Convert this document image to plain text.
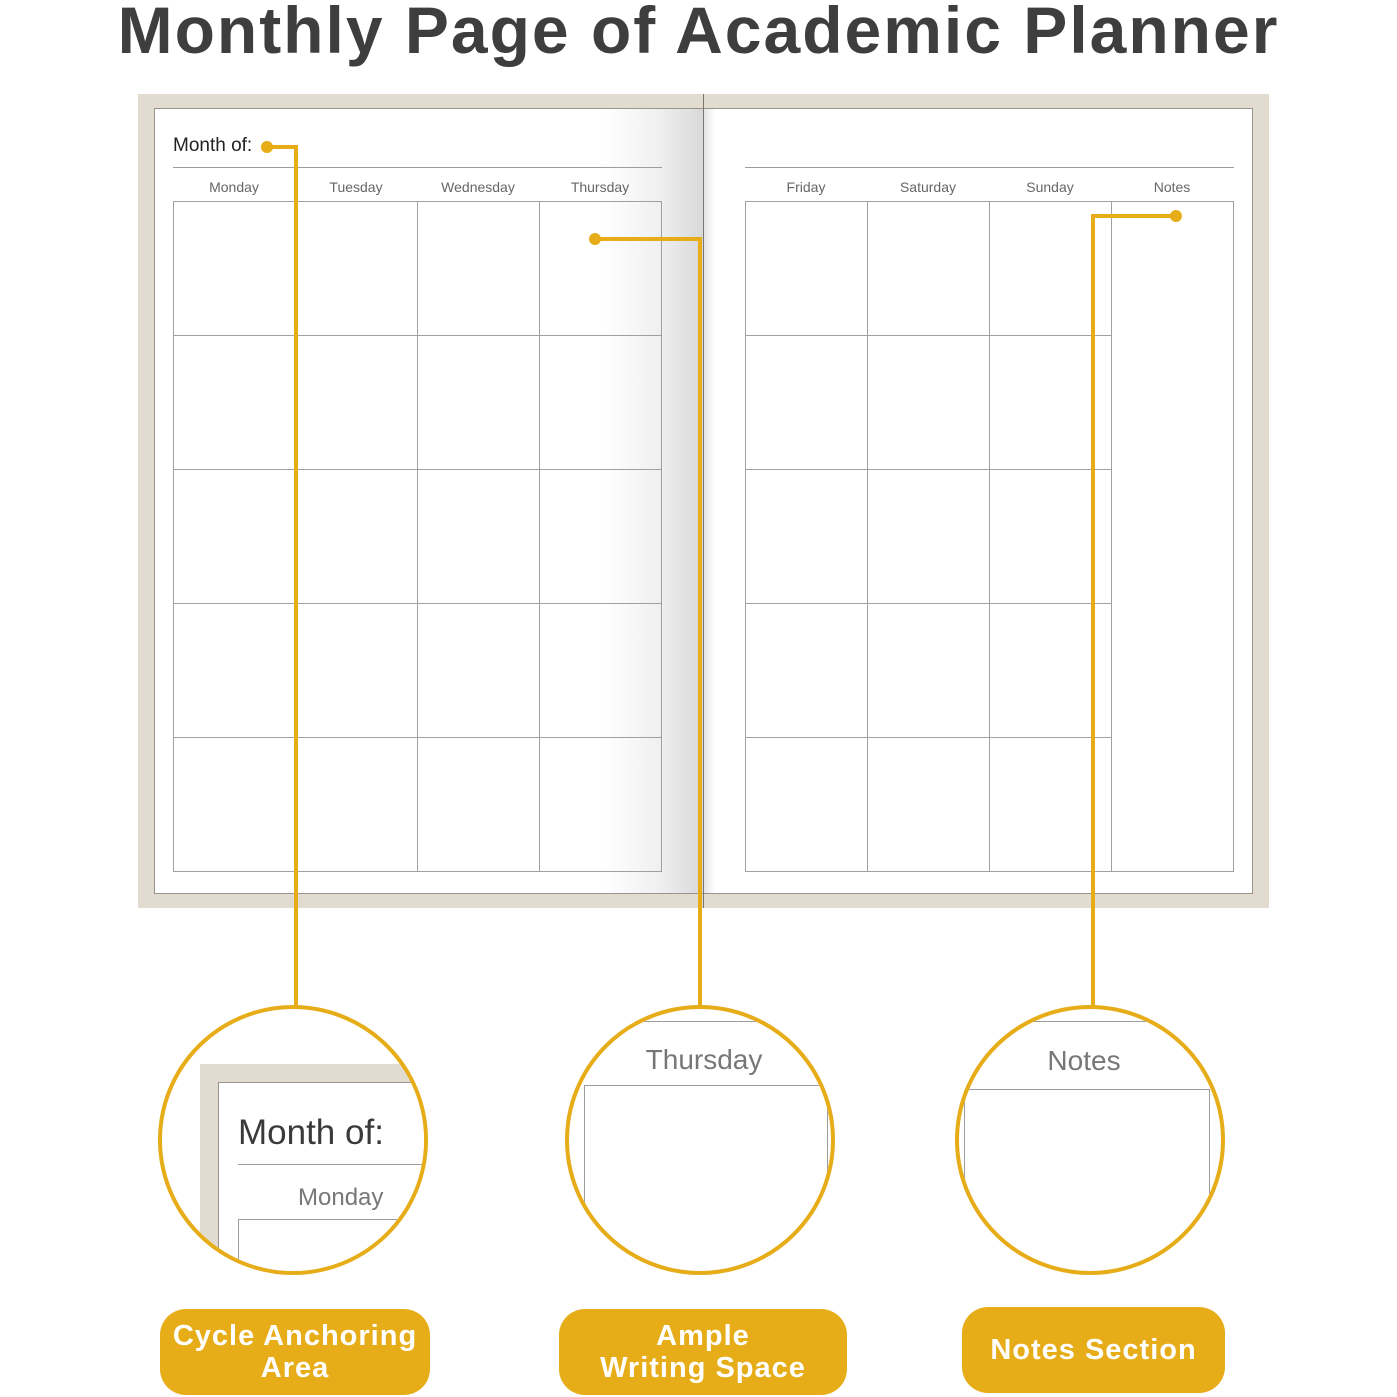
Monthly Page of Academic Planner
Month of:
Monday	Tuesday	Wednesday	Thursday	Friday	Saturday	Sunday	Notes
Month of:
Monday
Thursday	Notes
Cycle Anchoring
Area
Ample
Writing Space
Notes Section
